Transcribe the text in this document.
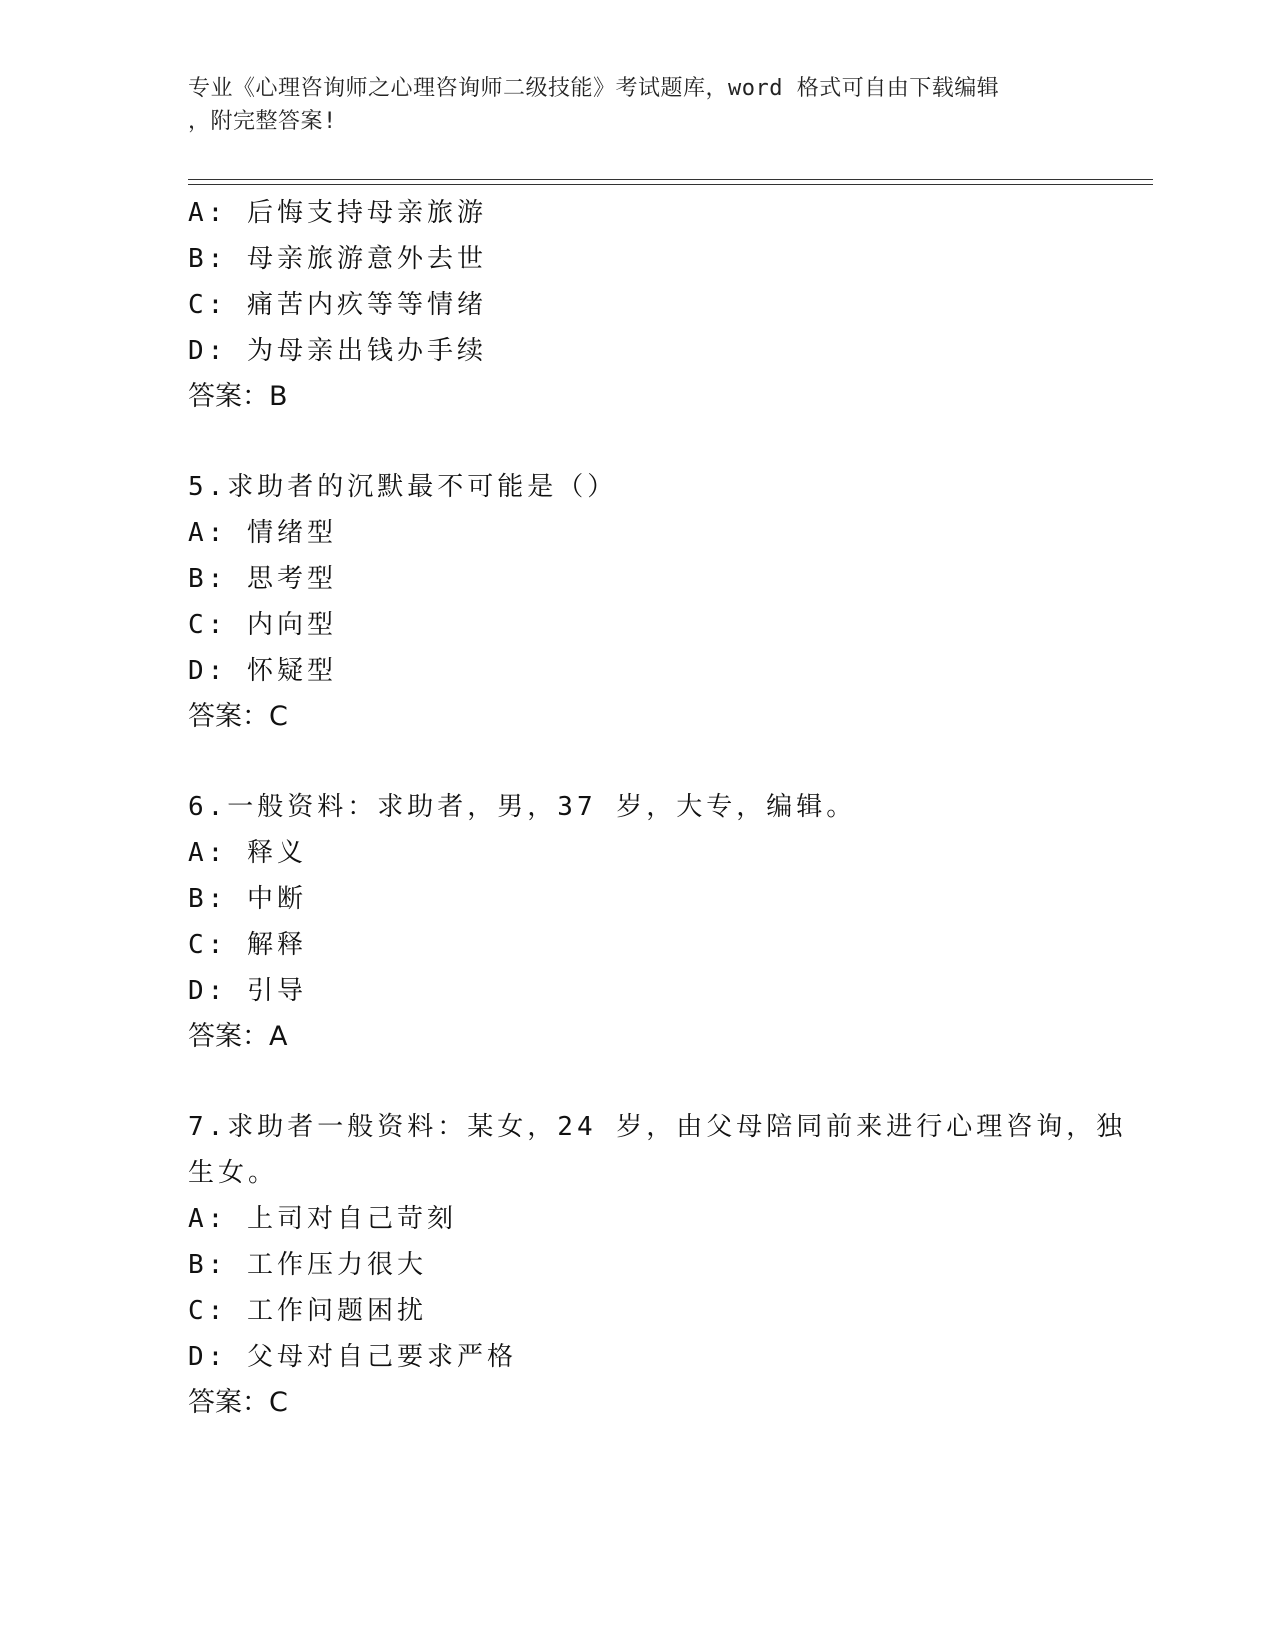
专业《心理咨询师之心理咨询师二级技能》考试题库，word 格式可自由下载编辑
，附完整答案!
A: 后悔支持母亲旅游
B: 母亲旅游意外去世
C: 痛苦内疚等等情绪
D: 为母亲出钱办手续
答案：B
5.求助者的沉默最不可能是（）
A: 情绪型
B: 思考型
C: 内向型
D: 怀疑型
答案：C
6.一般资料：求助者，男，37 岁，大专，编辑。
A: 释义
B: 中断
C: 解释
D: 引导
答案：A
7.求助者一般资料：某女，24 岁，由父母陪同前来进行心理咨询，独
生女。
A: 上司对自己苛刻
B: 工作压力很大
C: 工作问题困扰
D: 父母对自己要求严格
答案：C
